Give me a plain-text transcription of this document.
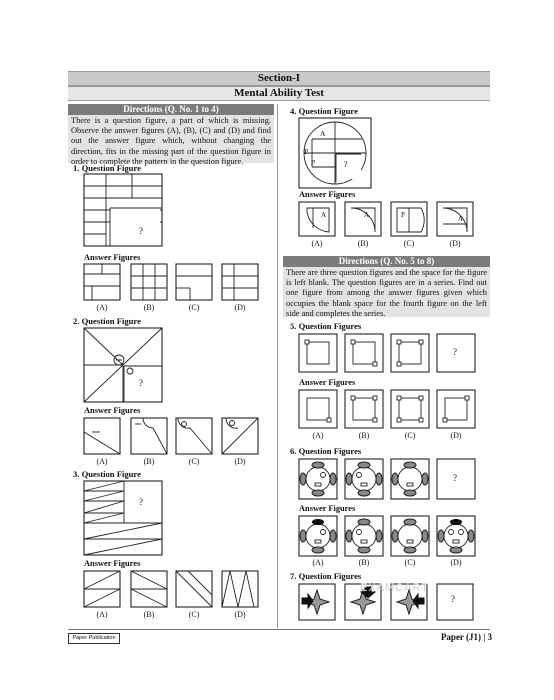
Section-I
Mental Ability Test
Directions (Q. No. 1 to 4)
There is a question figure, a part of which is missing. Observe the answer figures (A), (B), (C) and (D) and find out the answer figure which, without changing the direction, fits in the missing part of the question figure in order to complete the pattern in the question figure.
1. Question Figure
?
Answer Figures
(A)	(B)	(C)	(D)
2. Question Figure
?
Answer Figures
(A)	(B)	(C)	(D)
3. Question Figure
?
Answer Figures
(A)	(B)	(C)	(D)
4. Question Figure
A
P
P	?
Answer Figures
A	A	P	A
(A)	(B)	(C)	(D)
Directions (Q. No. 5 to 8)
There are three question figures and the space for the figure is left blank. The question figures are in a series. Find out one figure from among the answer figures given which occupies the blank space for the fourth figure on the left side and completes the series.
5. Question Figures
?
Answer Figures
(A)	(B)	(C)	(D)
6. Question Figures
?
Answer Figures
(A)	(B)	(C)	(D)
7. Question Figures
?
Paper Publication	Paper (J1) | 3
EXAMCART
